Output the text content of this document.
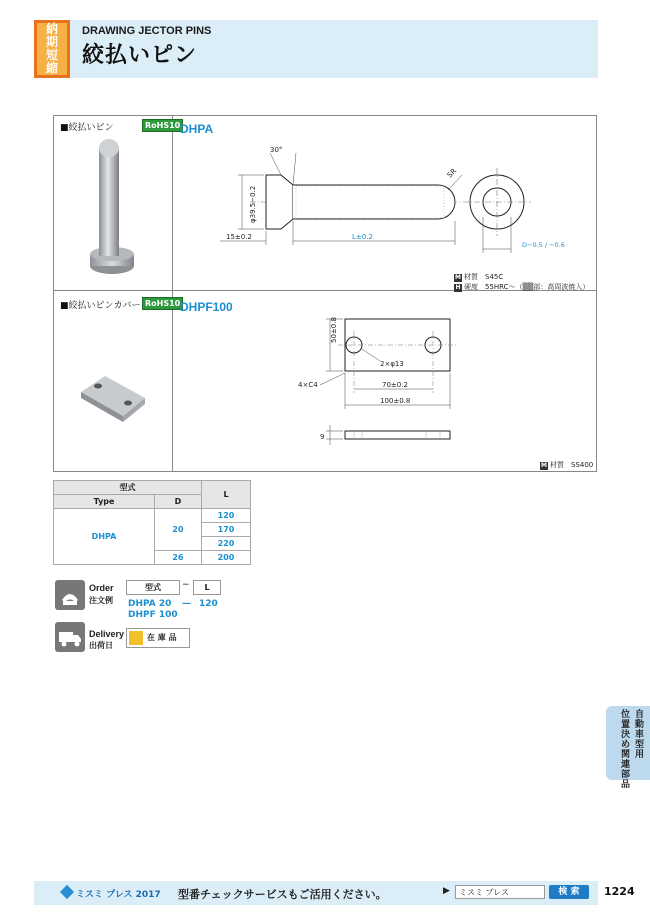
納
期
短
縮
DRAWING JECTOR PINS
絞払いピン
■絞払いピン	RoHS10 DHPA
30°
SR
φ39.5−0.2
15±0.2	L±0.2
D−0.5 / −0.6
M 材質　S45C
H 硬度　55HRC～（▒▒部：高周波焼入）
■絞払いピンカバー RoHS10 DHPF100
2×φ13
50±0.8
4×C4	70±0.2
100±0.8
9
M 材質　SS400
型式		L
Type	D	
DHPA	20	120
		170
		220
	26	200
Order
注文例
型式	−	L
DHPA 20 — 120
DHPF 100
Delivery
出荷日
在 庫 品
自動車型用
位置決め関連部品
ミスミ プレス 2017 型番チェックサービスもご活用ください。	▶	ミスミ プレス	検 索	1224
